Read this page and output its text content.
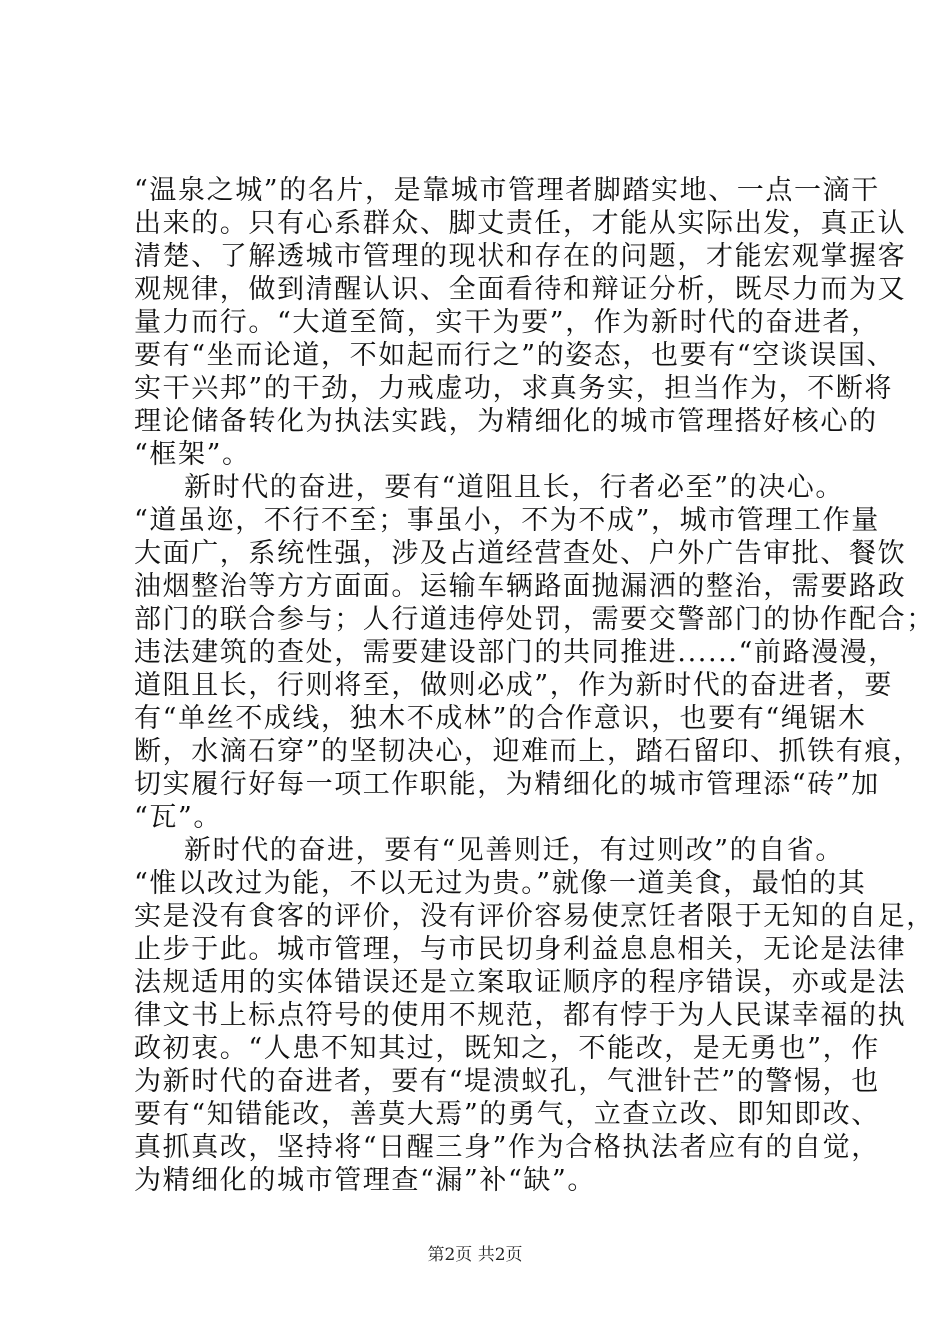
“温泉之城”的名片，是靠城市管理者脚踏实地、一点一滴干
出来的。只有心系群众、脚丈责任，才能从实际出发，真正认
清楚、了解透城市管理的现状和存在的问题，才能宏观掌握客
观规律，做到清醒认识、全面看待和辩证分析，既尽力而为又
量力而行。“大道至简，实干为要”，作为新时代的奋进者，
要有“坐而论道，不如起而行之”的姿态，也要有“空谈误国、
实干兴邦”的干劲，力戒虚功，求真务实，担当作为，不断将
理论储备转化为执法实践，为精细化的城市管理搭好核心的
“框架”。
新时代的奋进，要有“道阻且长，行者必至”的决心。
“道虽迩，不行不至；事虽小，不为不成”，城市管理工作量
大面广，系统性强，涉及占道经营查处、户外广告审批、餐饮
油烟整治等方方面面。运输车辆路面抛漏洒的整治，需要路政
部门的联合参与；人行道违停处罚，需要交警部门的协作配合；
违法建筑的查处，需要建设部门的共同推进......“前路漫漫，
道阻且长，行则将至，做则必成”，作为新时代的奋进者，要
有“单丝不成线，独木不成林”的合作意识，也要有“绳锯木
断，水滴石穿”的坚韧决心，迎难而上，踏石留印、抓铁有痕，
切实履行好每一项工作职能，为精细化的城市管理添“砖”加
“瓦”。
新时代的奋进，要有“见善则迁，有过则改”的自省。
“惟以改过为能，不以无过为贵。”就像一道美食，最怕的其
实是没有食客的评价，没有评价容易使烹饪者限于无知的自足，
止步于此。城市管理，与市民切身利益息息相关，无论是法律
法规适用的实体错误还是立案取证顺序的程序错误，亦或是法
律文书上标点符号的使用不规范，都有悖于为人民谋幸福的执
政初衷。“人患不知其过，既知之，不能改，是无勇也”，作
为新时代的奋进者，要有“堤溃蚁孔，气泄针芒”的警惕，也
要有“知错能改，善莫大焉”的勇气，立查立改、即知即改、
真抓真改，坚持将“日醒三身”作为合格执法者应有的自觉，
为精细化的城市管理查“漏”补“缺”。
第2页 共2页
